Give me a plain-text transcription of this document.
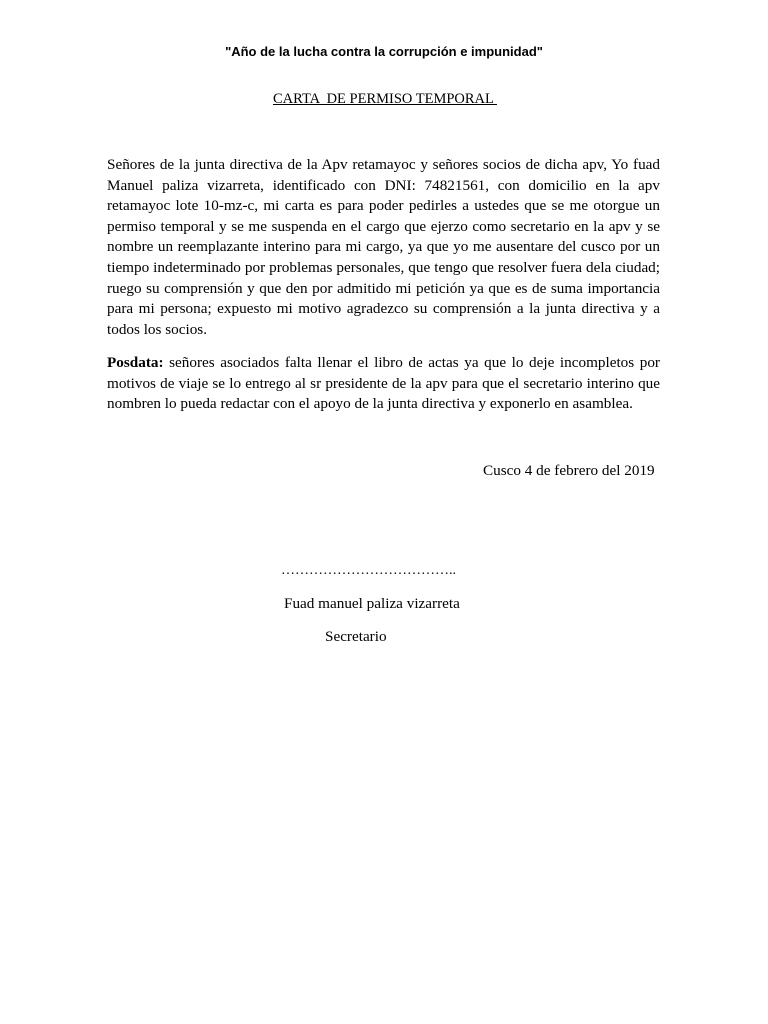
"Año de la lucha contra la corrupción e impunidad"
CARTA  DE PERMISO TEMPORAL

Señores de la junta directiva de la Apv retamayoc y señores socios de dicha apv, Yo fuad Manuel paliza vizarreta, identificado con DNI: 74821561, con domicilio en la apv retamayoc lote 10-mz-c, mi carta es para poder pedirles a ustedes que se me otorgue un permiso temporal y se me suspenda en el cargo que ejerzo como secretario en la apv y se nombre un reemplazante interino para mi cargo, ya que yo me ausentare del cusco por un tiempo indeterminado por problemas personales, que tengo que resolver fuera dela ciudad; ruego su comprensión y que den por admitido mi petición ya que es de suma importancia para mi persona; expuesto mi motivo agradezco su comprensión a la junta directiva y a todos los socios.

Posdata: señores asociados falta llenar el libro de actas ya que lo deje incompletos por motivos de viaje se lo entrego al sr presidente de la apv para que el secretario interino que nombren lo pueda redactar con el apoyo de la junta directiva y exponerlo en asamblea.

Cusco 4 de febrero del 2019
………………………………..
Fuad manuel paliza vizarreta
Secretario
